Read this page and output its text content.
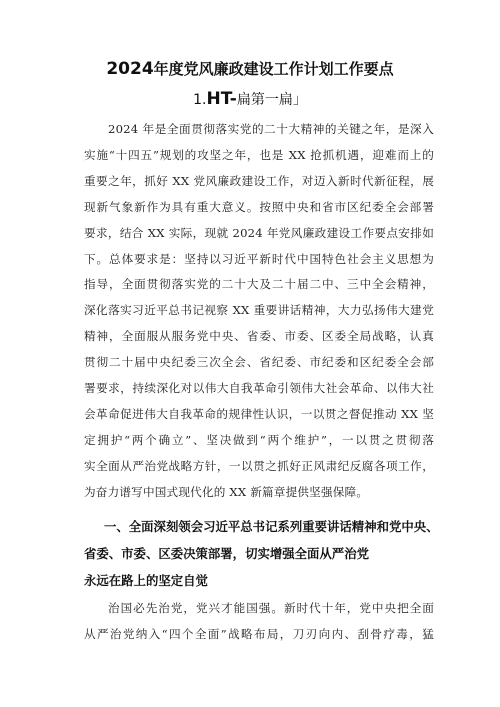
2024年度党风廉政建设工作计划工作要点
1.HT-扁第一扁」
2024 年是全面贯彻落实党的二十大精神的关键之年，是深入
实施“十四五”规划的攻坚之年，也是 XX 抢抓机遇，迎难而上的
重要之年，抓好 XX 党风廉政建设工作，对迈入新时代新征程，展
现新气象新作为具有重大意义。按照中央和省市区纪委全会部署
要求，结合 XX 实际，现就 2024 年党风廉政建设工作要点安排如
下。总体要求是：坚持以习近平新时代中国特色社会主义思想为
指导，全面贯彻落实党的二十大及二十届二中、三中全会精神，
深化落实习近平总书记视察 XX 重要讲话精神，大力弘扬伟大建党
精神，全面服从服务党中央、省委、市委、区委全局战略，认真
贯彻二十届中央纪委三次全会、省纪委、市纪委和区纪委全会部
署要求，持续深化对以伟大自我革命引领伟大社会革命、以伟大社
会革命促进伟大自我革命的规律性认识，一以贯之督促推动 XX 坚
定拥护“两个确立”、坚决做到“两个维护”，一以贯之贯彻落
实全面从严治党战略方针，一以贯之抓好正风肃纪反腐各项工作，
为奋力谱写中国式现代化的 XX 新篇章提供坚强保障。
一、全面深刻领会习近平总书记系列重要讲话精神和党中央、
省委、市委、区委决策部署，切实增强全面从严治党
永远在路上的坚定自觉
治国必先治党，党兴才能国强。新时代十年，党中央把全面
从严治党纳入“四个全面”战略布局，刀刃向内、刮骨疗毒，猛
